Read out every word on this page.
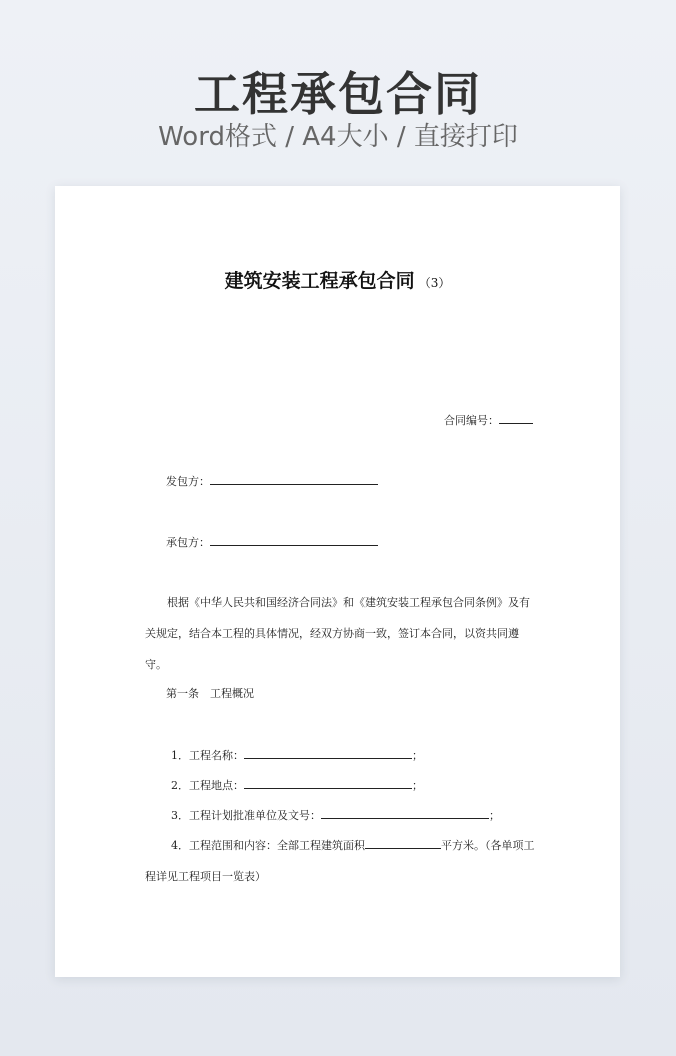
工程承包合同
Word格式 / A4大小 / 直接打印
建筑安装工程承包合同 （3）
合同编号：
发包方：
承包方：

根据《中华人民共和国经济合同法》和《建筑安装工程承包合同条例》及有关规定，结合本工程的具体情况，经双方协商一致，签订本合同，以资共同遵守。

第一条　工程概况
1．工程名称：	；
2．工程地点：	；
3．工程计划批准单位及文号：	；

4．工程范围和内容：全部工程建筑面积	平方米。（各单项工程详见工程项目一览表）
